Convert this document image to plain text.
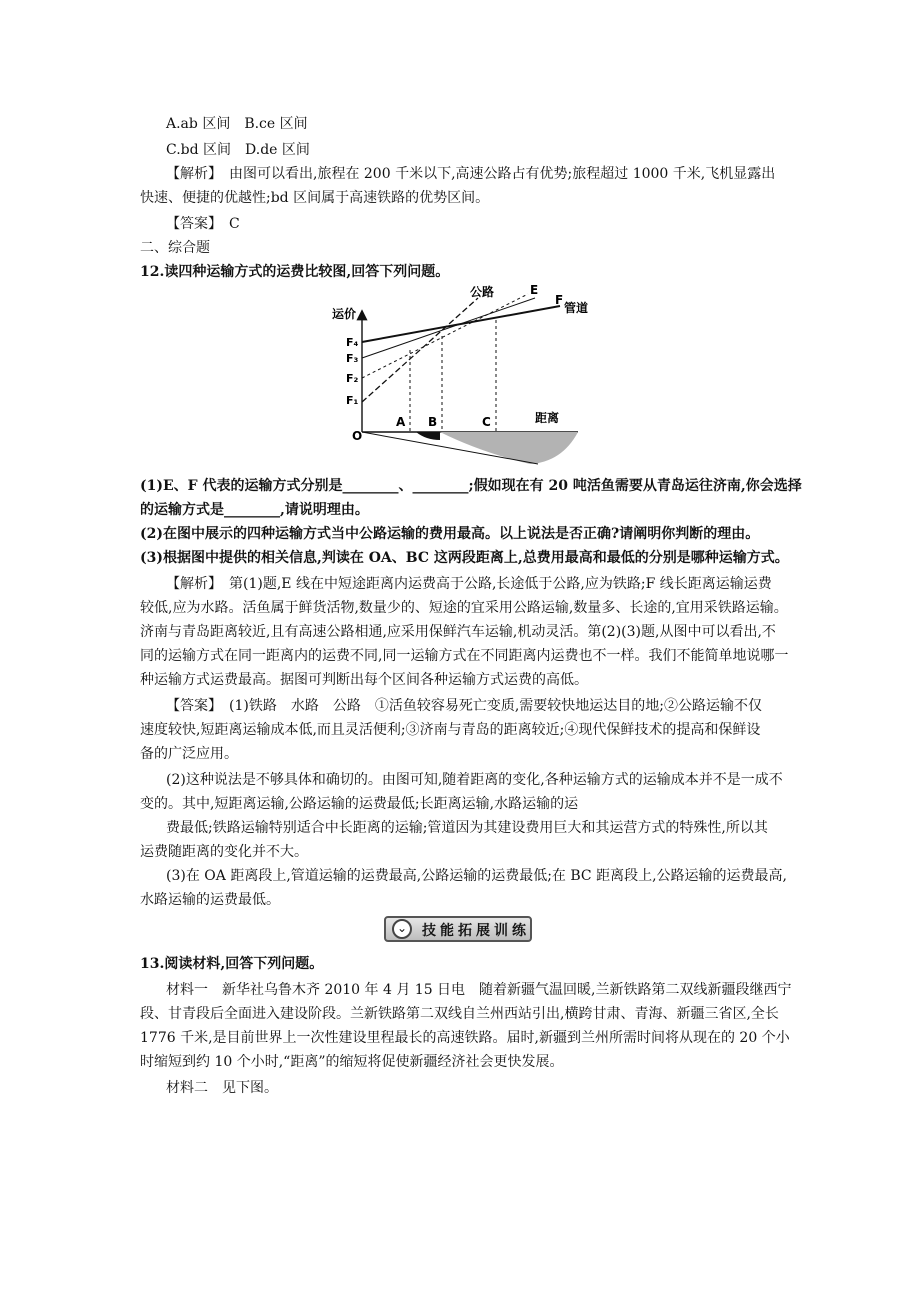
A.ab 区间　B.ce 区间
C.bd 区间　D.de 区间
【解析】　由图可以看出,旅程在 200 千米以下,高速公路占有优势;旅程超过 1000 千米,飞机显露出
快速、便捷的优越性;bd 区间属于高速铁路的优势区间。
【答案】　C
二、综合题
12.读四种运输方式的运费比较图,回答下列问题。
运价
距离
O
公路	E
F
管道
F₄
F₃
F₂
F₁
A B	C
(1)E、F 代表的运输方式分别是________、________;假如现在有 20 吨活鱼需要从青岛运往济南,你会选择
的运输方式是________,请说明理由。
(2)在图中展示的四种运输方式当中公路运输的费用最高。以上说法是否正确?请阐明你判断的理由。
(3)根据图中提供的相关信息,判读在 OA、BC 这两段距离上,总费用最高和最低的分别是哪种运输方式。
【解析】　第(1)题,E 线在中短途距离内运费高于公路,长途低于公路,应为铁路;F 线长距离运输运费
较低,应为水路。活鱼属于鲜货活物,数量少的、短途的宜采用公路运输,数量多、长途的,宜用采铁路运输。
济南与青岛距离较近,且有高速公路相通,应采用保鲜汽车运输,机动灵活。第(2)(3)题,从图中可以看出,不
同的运输方式在同一距离内的运费不同,同一运输方式在不同距离内运费也不一样。我们不能简单地说哪一
种运输方式运费最高。据图可判断出每个区间各种运输方式运费的高低。
【答案】　(1)铁路　水路　公路　①活鱼较容易死亡变质,需要较快地运达目的地;②公路运输不仅
速度较快,短距离运输成本低,而且灵活便利;③济南与青岛的距离较近;④现代保鲜技术的提高和保鲜设
备的广泛应用。
(2)这种说法是不够具体和确切的。由图可知,随着距离的变化,各种运输方式的运输成本并不是一成不
变的。其中,短距离运输,公路运输的运费最低;长距离运输,水路运输的运
费最低;铁路运输特别适合中长距离的运输;管道因为其建设费用巨大和其运营方式的特殊性,所以其
运费随距离的变化并不大。
(3)在 OA 距离段上,管道运输的运费最高,公路运输的运费最低;在 BC 距离段上,公路运输的运费最高,
水路运输的运费最低。
⌄	技能拓展训练
13.阅读材料,回答下列问题。
材料一　新华社乌鲁木齐 2010 年 4 月 15 日电　随着新疆气温回暖,兰新铁路第二双线新疆段继西宁
段、甘青段后全面进入建设阶段。兰新铁路第二双线自兰州西站引出,横跨甘肃、青海、新疆三省区,全长
1776 千米,是目前世界上一次性建设里程最长的高速铁路。届时,新疆到兰州所需时间将从现在的 20 个小
时缩短到约 10 个小时,“距离”的缩短将促使新疆经济社会更快发展。
材料二　见下图。
